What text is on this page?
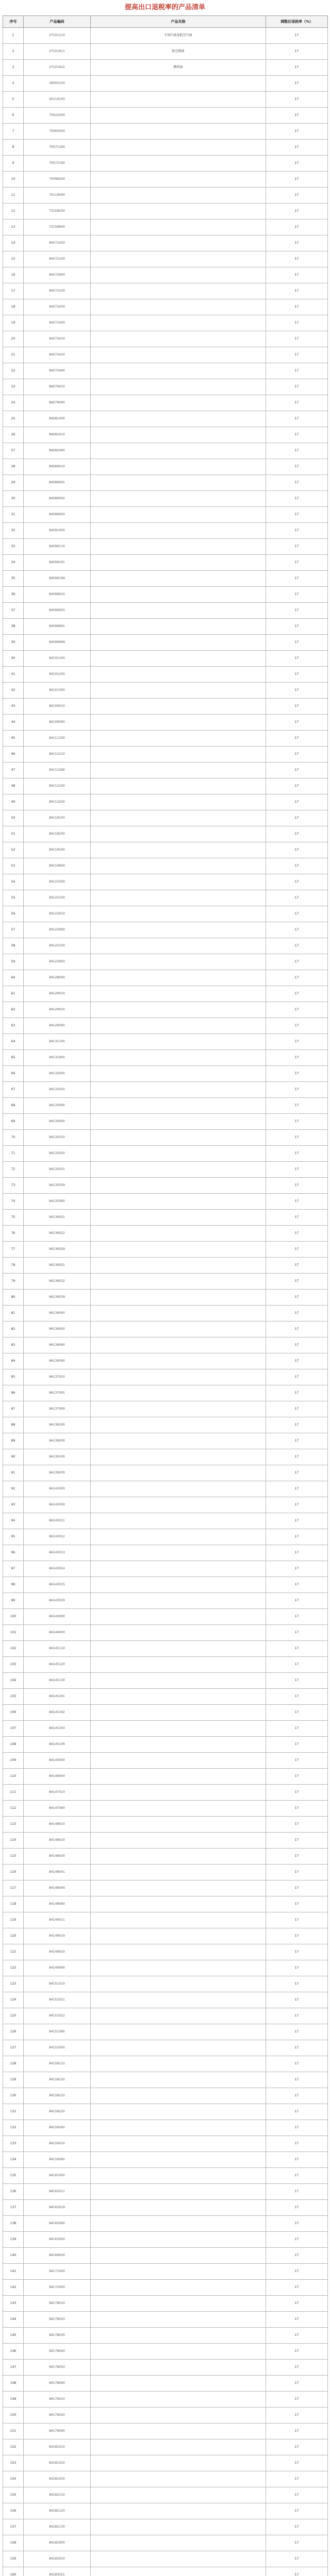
提高出口退税率的产品清单
序号	产品编码	产品名称	调整后退税率（%）
1	27101210	车用汽油及航空汽油	17
2	27101911	航空煤油	17
3	27101922	燃料油	17
4	39093100		17
5	40116100		17
6	70022000		17
7	70060000		17
8	70071190		17
9	70072190		17
10	70099200		17
11	70119000		17
12	73158200		17
13	73158900		17
14	84071000		17
15	84072100		17
16	84072900		17
17	84073100		17
18	84073200		17
19	84073300		17
20	84073410		17
21	84073420		17
22	84073490		17
23	84079010		17
24	84079090		17
25	84081000		17
26	84082010		17
27	84082090		17
28	84089010		17
29	84089091		17
30	84089092		17
31	84089093		17
32	84091000		17
33	84099110		17
34	84099191		17
35	84099199		17
36	84099910		17
37	84099920		17
38	84099991		17
39	84099999		17
40	84101100		17
41	84101200		17
42	84101300		17
43	84109010		17
44	84109090		17
45	84111100		17
46	84111210		17
47	84111290		17
48	84112100		17
49	84112200		17
50	84118100		17
51	84118200		17
52	84119100		17
53	84119900		17
54	84121000		17
55	84122100		17
56	84122910		17
57	84122990		17
58	84123100		17
59	84123900		17
60	84128000		17
61	84129010		17
62	84129020		17
63	84129090		17
64	84131100		17
65	84131900		17
66	84132000		17
67	84133020		17
68	84133090		17
69	84134000		17
70	84135010		17
71	84135020		17
72	84135031		17
73	84135039		17
74	84135090		17
75	84136021		17
76	84136022		17
77	84136029		17
78	84136031		17
79	84136032		17
80	84136039		17
81	84136040		17
82	84136050		17
83	84136060		17
84	84136090		17
85	84137010		17
86	84137091		17
87	84137099		17
88	84138100		17
89	84138200		17
90	84139100		17
91	84139200		17
92	84141000		17
93	84142000		17
94	84143011		17
95	84143012		17
96	84143013		17
97	84143014		17
98	84143015		17
99	84143019		17
100	84143090		17
101	84144000		17
102	84145110		17
103	84145120		17
104	84145130		17
105	84145191		17
106	84145192		17
107	84145193		17
108	84145199		17
109	84145900		17
110	84146000		17
111	84147010		17
112	84147090		17
113	84148010		17
114	84148020		17
115	84148030		17
116	84148041		17
117	84148049		17
118	84148090		17
119	84149011		17
120	84149019		17
121	84149020		17
122	84149090		17
123	84151010		17
124	84151021		17
125	84151022		17
126	84151090		17
127	84152000		17
128	84158110		17
129	84158120		17
130	84158210		17
131	84158220		17
132	84158300		17
133	84159010		17
134	84159090		17
135	84161000		17
136	84162011		17
137	84162019		17
138	84162090		17
139	84163000		17
140	84169000		17
141	84171000		17
142	84172000		17
143	84178010		17
144	84178020		17
145	84178030		17
146	84178040		17
147	84178050		17
148	84178090		17
149	84179010		17
150	84179020		17
151	84179090		17
152	84181010		17
153	84181020		17
154	84181030		17
155	84182110		17
156	84182120		17
157	84182130		17
158	84182900		17
159	84183010		17
160	84183021		17
